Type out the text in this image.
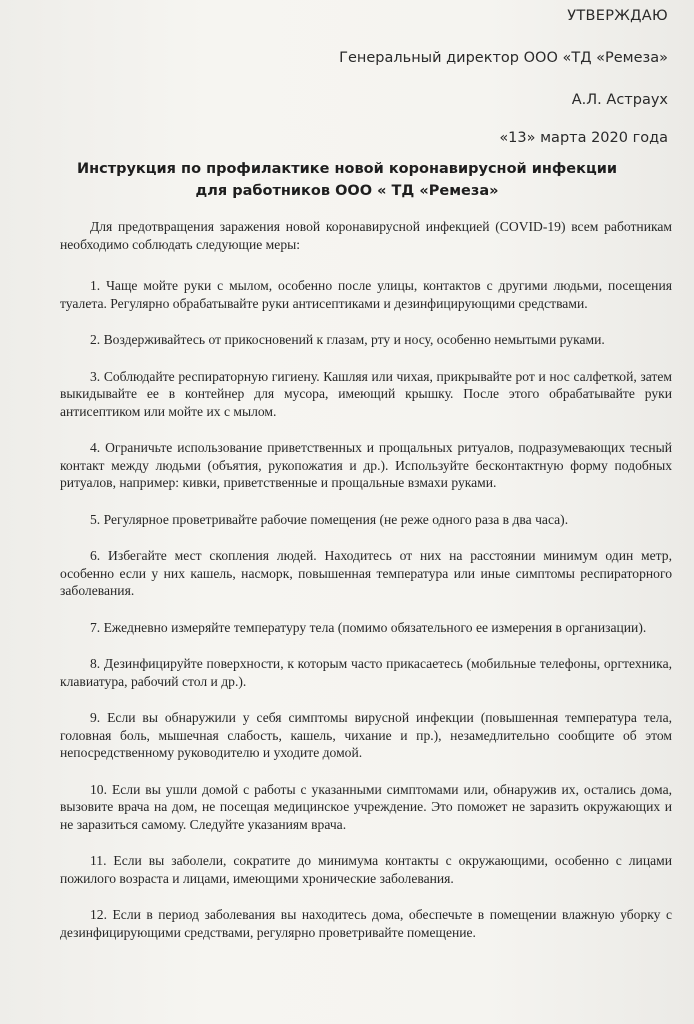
УТВЕРЖДАЮ
Генеральный директор ООО «ТД «Ремеза»
А.Л. Астраух
«13» марта 2020 года
Инструкция по профилактике новой коронавирусной инфекции
для работников ООО « ТД «Ремеза»

Для предотвращения заражения новой коронавирусной инфекцией (COVID-19) всем работникам необходимо соблюдать следующие меры:

1. Чаще мойте руки с мылом, особенно после улицы, контактов с другими людьми, посещения туалета. Регулярно обрабатывайте руки антисептиками и дезинфицирующими средствами.

2. Воздерживайтесь от прикосновений к глазам, рту и носу, особенно немытыми руками.

3. Соблюдайте респираторную гигиену. Кашляя или чихая, прикрывайте рот и нос салфеткой, затем выкидывайте ее в контейнер для мусора, имеющий крышку. После этого обрабатывайте руки антисептиком или мойте их с мылом.

4. Ограничьте использование приветственных и прощальных ритуалов, подразумевающих тесный контакт между людьми (объятия, рукопожатия и др.). Используйте бесконтактную форму подобных ритуалов, например: кивки, приветственные и прощальные взмахи руками.

5. Регулярное проветривайте рабочие помещения (не реже одного раза в два часа).

6. Избегайте мест скопления людей. Находитесь от них на расстоянии минимум один метр, особенно если у них кашель, насморк, повышенная температура или иные симптомы респираторного заболевания.

7. Ежедневно измеряйте температуру тела (помимо обязательного ее измерения в организации).

8. Дезинфицируйте поверхности, к которым часто прикасаетесь (мобильные телефоны, оргтехника, клавиатура, рабочий стол и др.).

9. Если вы обнаружили у себя симптомы вирусной инфекции (повышенная температура тела, головная боль, мышечная слабость, кашель, чихание и пр.), незамедлительно сообщите об этом непосредственному руководителю и уходите домой.

10. Если вы ушли домой с работы с указанными симптомами или, обнаружив их, остались дома, вызовите врача на дом, не посещая медицинское учреждение. Это поможет не заразить окружающих и не заразиться самому. Следуйте указаниям врача.

11. Если вы заболели, сократите до минимума контакты с окружающими, особенно с лицами пожилого возраста и лицами, имеющими хронические заболевания.

12. Если в период заболевания вы находитесь дома, обеспечьте в помещении влажную уборку с дезинфицирующими средствами, регулярно проветривайте помещение.
